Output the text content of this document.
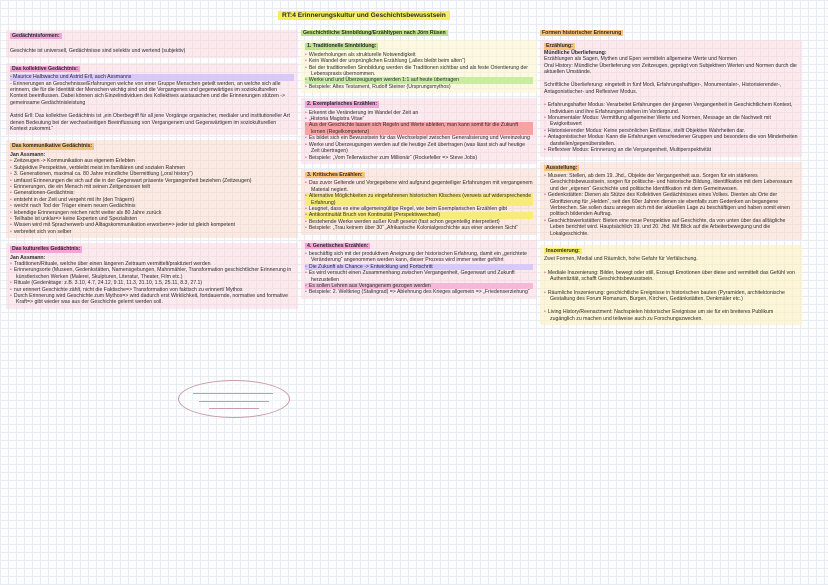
RT:4 Erinnerungskultur und Geschichtsbewusstsein
Gedächtnisformen:
Geschichte ist universell, Gedächtnisse sind selektiv und wertend (subjektiv)
Das kollektive Gedächtnis:
- Maurice Halbwachs und Astrid Erll, auch Assmanns
- Erinnerungen an Geschehnisse/Erfahrungen welche von einer Gruppe Menschen geteilt werden, an welche sich alle erinnern, die für die Identität der Menschen wichtig sind und die Vergangenes und gegenwärtiges im soziokulturellen Kontext beeinflussen. Dabei können sich Einzelindividuen des Kollektives austauschen und die Erinnerungen stützen -> gemeinsame Gedächtnisleistung
Astrid Erll: Das kollektive Gedächtnis ist „ein Oberbegriff für all jene Vorgänge organischer, medialer und institutioneller Art denen Bedeutung bei der wechselseitigen Beeinflussung von Vergangenem und Gegenwärtigem im soziokulturellen Kontext zukommt.“
Das kommunikative Gedächtnis:
Jan Assmann:
• Zeitzeugen -> Kommunikation aus eigenem Erlebten
• Subjektive Perspektive, verbleibt meist im familiären und sozialen Rahmen
• 3. Generationen, maximal ca. 80 Jahre mündliche Übermittlung („oral history“)
• umfasst Erinnerungen die sich auf die in der Gegenwart präsente Vergangenheit beziehen (Zeitzeugen)
• Erinnerungen, die ein Mensch mit seinen Zeitgenossen teilt
• Generationen-Gedächtnis:
• entsteht in der Zeit und vergeht mit ihr (den Trägern)
• weicht nach Tod der Träger einem neuen Gedächtnis
• lebendige Erinnerungen reichen nicht weiter als 80 Jahre zurück
• Teilhabe ist unklar=> keine Experten und Spezialisten
• Wissen wird mit Spracherwerb und Alltagskommunikation erworben=> jeder ist gleich kompetent
• verbreitet sich von selber
Das kulturelles Gedächtnis:
Jan Assmann:
• Traditionen/Rituale, welche über einen längeren Zeitraum vermittelt/praktiziert werden
• Erinnerungsorte (Museen, Gedenkstätten, Namensgebungen, Mahnmähler, Transformation geschichtlicher Erinnerung in künstlerischen Werken (Malerei, Skulpturen, Literatur, Theater, Film etc.)
• Rituale (Gedenktage: z.B. 3.10, 4.7, 24.12, 9.11, 11.3, 31.10, 1.5, 25.11, 8.3, 27.1)
• nur erinnert Geschichte zählt, nicht die Faktische=> Transformation von faktisch zu erinnert/ Mythos
• Durch Erinnerung wird Geschichte zum Mythos=> wird dadurch erst Wirklichkeit, fortdauernde, normative und formative Kraft=> gibt wieder was aus der Geschichte gelernt werden soll.
Geschichtliche Sinnbildung/Erzähltypen nach Jörn Rüsen
1. Traditionelle Sinnbildung:
• Wiederholungen als strukturelle Notwendigkeit
• Kein Wandel der ursprünglichen Erzählung („alles bleibt beim alten“)
• Bei der traditionellen Sinnbildung werden die Traditionen sichtbar und als feste Orientierung der Lebenspraxis übernommen.
• Werke und und Überzeugungen werden 1:1 auf heute übertragen
• Beispiele: Altes Testament, Rudolf Steiner (Ursprungsmythos)
2. Exemplarisches Erzählen:
• Erkennt die Veränderung im Wandel der Zeit an
• „Historia Magistra Vitae“
• Aus der Geschichte lassen sich Regeln und Werte ableiten, man kann somit für die Zukunft lernen (Regelkompetenz)
• Es bildet sich ein Bewusstsein für das Wechselspiel zwischen Generalisierung und Vereinzelung
• Werke und Überzeugungen werden auf die heutige Zeit übertragen (was lässt sich auf heutige Zeit übertragen)
• Beispiele: „Vom Tellerwäscher zum Millionär“ (Rockefeller => Steve Jobs)
3. Kritisches Erzählen:
• Das zuvor Geltende und Vorgegebene wird aufgrund gegenteiliger Erfahrungen mit vergangenem Material negiert.
• Alternative Möglichkeiten zu eingefahrenen historischen Klischees (verweis auf widersprechende Erfahrung)
• Leugnet, dass es eine allgemeingültige Regel, wie beim Exemplarischen Erzählen gibt
• Antikontinuität Bruch von Kontinuität (Perspektivwechsel)
• Bestehende Werke werden außer Kraft gesetzt (fast schon gegenteilig interpretiert)
• Beispiele: „Trau keinem über 30“ „Afrikanische Kolonialgeschichte aus einer anderen Sicht“
4. Genetisches Erzählen:
• beschäftig sich mit der produktiven Aneignung der historischen Erfahrung, damit ein „gerichtete Veränderung“ angenommen werden kann, dieser Prozess wird immer weiter geführt
• Die Zukunft als Chance -> Entwicklung und Fortschritt
• Es wird versucht einen Zusammenhang zwischen Vergangenheit, Gegenwart und Zukunft herzustellen
• Es sollen Lehren aus Vergangenem gezogen werden
• Beispiele: 2. Weltkrieg (Stalingrad) => Ablehnung des Krieges allgemein => „Friedenserziehung“
Formen historischer Erinnerung
Erzählung:
Mündliche Überlieferung:
Erzählungen als Sagen, Mythen und Epen vermitteln allgemeine Werte und Normen
Oral History: Mündliche Überlieferung von Zeitzeugen, geprägt von Subjektiven Werten und Normen durch die aktuellen Umstände.
Schriftliche Überlieferung: eingeteilt in fünf Modi, Erfahrungshaftiger-, Monumentaler-, Historisierender-, Antagonistischer- und Reflexiver Modus.
• Erfahrungshafter Modus: Verarbeitet Erfahrungen der jüngeren Vergangenheit in Geschichtlichem Kontext, Individuen und ihre Erfahrungen stehen im Vordergrund.
• Monumentaler Modus: Vermittlung allgemeiner Werte und Normen, Message an die Nachwelt mit Ewigkeitswert
• Historisierender Modus: Keine persönlichen Einflüsse, stellt Objektive Wahrheiten dar.
• Antagonistischer Modus: Kann die Erfahrungen verschiedener Gruppen und besonders die von Minderheiten darstellen/gegenüberstellen.
• Reflexiver Modus: Erinnerung an die Vergangenheit, Multiperspektivität
Ausstellung:
• Museen: Stellen, ab dem 19. Jhd., Objekte der Vergangenheit aus. Sorgen für ein stärkeres Geschichtsbewusstsein, sorgen für politische- und historische Bildung, Identifikation mit dem Lebensraum und der „eigenen“ Geschichte und politische Identifikation mit dem Gemeinwesen.
• Gedenkstätten: Dienen als Stütze des Kollektiven Gedächtnisses eines Volkes. Dienten als Orte der Glorifizierung für „Helden“, seit den 60er Jahren dienen sie ebenfalls zum Gedenken an begangene Verbrechen. Sie sollen dazu anregen sich mit der aktuellen Lage zu beschäftigen und haben somit einen politisch bildenden Auftrag.
• Geschichtswerkstätten: Bieten eine neue Perspektive auf Geschichte, da von unten über das alltägliche Leben berichtet wird. Hauptsächlich 19. und 20. Jhd. Mit Blick auf die Arbeiterbewegung und die Lokalgeschichte.
Inszenierung:
Zwei Formen, Medial und Räumlich, hohe Gefahr für Verfälschung.
• Mediale Inszenierung: Bilder, bewegt oder still, Erzeugt Emotionen über diese und vermittelt das Gefühl von Authentizität, schafft Geschichtsbewusstsein.
• Räumliche Inszenierung: geschichtliche Ereignisse in historischen bauten (Pyramiden, architektonische Gestaltung des Forum Romanum, Burgen, Kirchen, Gedänkstätten, Denkmäler etc.)
• Living History/Reenactment: Nachspielen historischer Ereignisse um sie für ein breiteres Publikum zugänglich zu machen und teilweise auch zu Forschungszwecken.
